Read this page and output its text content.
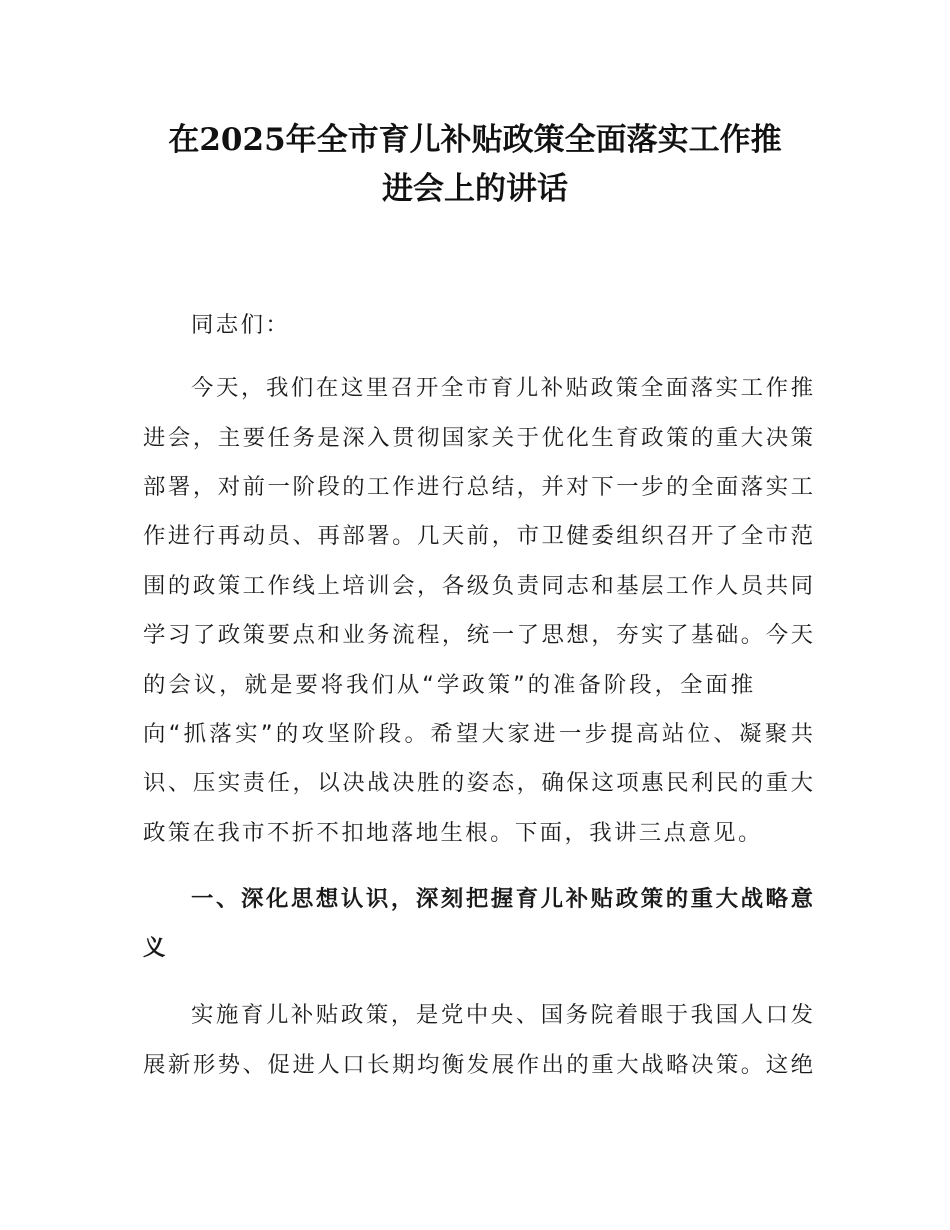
在2025年全市育儿补贴政策全面落实工作推
进会上的讲话
同志们：
今天，我们在这里召开全市育儿补贴政策全面落实工作推
进会，主要任务是深入贯彻国家关于优化生育政策的重大决策
部署，对前一阶段的工作进行总结，并对下一步的全面落实工
作进行再动员、再部署。几天前，市卫健委组织召开了全市范
围的政策工作线上培训会，各级负责同志和基层工作人员共同
学习了政策要点和业务流程，统一了思想，夯实了基础。今天
的会议，就是要将我们从“学政策”的准备阶段，全面推
向“抓落实”的攻坚阶段。希望大家进一步提高站位、凝聚共
识、压实责任，以决战决胜的姿态，确保这项惠民利民的重大
政策在我市不折不扣地落地生根。下面，我讲三点意见。
一、深化思想认识，深刻把握育儿补贴政策的重大战略意
义
实施育儿补贴政策，是党中央、国务院着眼于我国人口发
展新形势、促进人口长期均衡发展作出的重大战略决策。这绝
